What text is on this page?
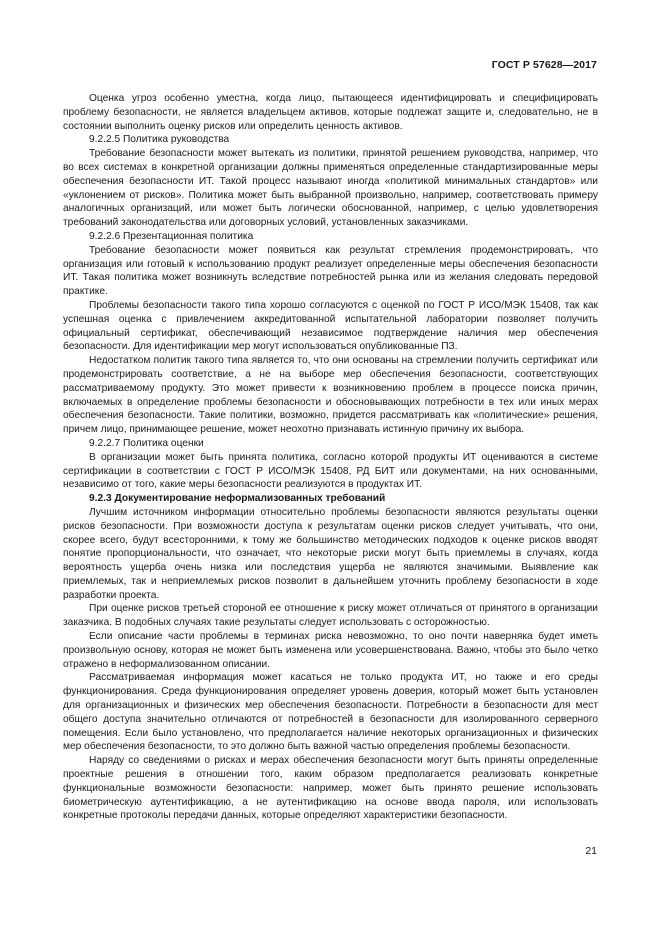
ГОСТ Р 57628—2017

Оценка угроз особенно уместна, когда лицо, пытающееся идентифицировать и специфицировать проблему безопасности, не является владельцем активов, которые подлежат защите и, следовательно, не в состоянии выполнить оценку рисков или определить ценность активов.

9.2.2.5 Политика руководства

Требование безопасности может вытекать из политики, принятой решением руководства, например, что во всех системах в конкретной организации должны применяться определенные стандартизированные меры обеспечения безопасности ИТ. Такой процесс называют иногда «политикой минимальных стандартов» или «уклонением от рисков». Политика может быть выбранной произвольно, например, соответствовать примеру аналогичных организаций, или может быть логически обоснованной, например, с целью удовлетворения требований законодательства или договорных условий, установленных заказчиками.

9.2.2.6 Презентационная политика

Требование безопасности может появиться как результат стремления продемонстрировать, что организация или готовый к использованию продукт реализует определенные меры обеспечения безопасности ИТ. Такая политика может возникнуть вследствие потребностей рынка или из желания следовать передовой практике.

Проблемы безопасности такого типа хорошо согласуются с оценкой по ГОСТ Р ИСО/МЭК 15408, так как успешная оценка с привлечением аккредитованной испытательной лаборатории позволяет получить официальный сертификат, обеспечивающий независимое подтверждение наличия мер обеспечения безопасности. Для идентификации мер могут использоваться опубликованные ПЗ.

Недостатком политик такого типа является то, что они основаны на стремлении получить сертификат или продемонстрировать соответствие, а не на выборе мер обеспечения безопасности, соответствующих рассматриваемому продукту. Это может привести к возникновению проблем в процессе поиска причин, включаемых в определение проблемы безопасности и обосновывающих потребности в тех или иных мерах обеспечения безопасности. Такие политики, возможно, придется рассматривать как «политические» решения, причем лицо, принимающее решение, может неохотно признавать истинную причину их выбора.

9.2.2.7 Политика оценки

В организации может быть принята политика, согласно которой продукты ИТ оцениваются в системе сертификации в соответствии с ГОСТ Р ИСО/МЭК 15408, РД БИТ или документами, на них основанными, независимо от того, какие меры безопасности реализуются в продуктах ИТ.

9.2.3 Документирование неформализованных требований

Лучшим источником информации относительно проблемы безопасности являются результаты оценки рисков безопасности. При возможности доступа к результатам оценки рисков следует учитывать, что они, скорее всего, будут всесторонними, к тому же большинство методических подходов к оценке рисков вводят понятие пропорциональности, что означает, что некоторые риски могут быть приемлемы в случаях, когда вероятность ущерба очень низка или последствия ущерба не являются значимыми. Выявление как приемлемых, так и неприемлемых рисков позволит в дальнейшем уточнить проблему безопасности в ходе разработки проекта.

При оценке рисков третьей стороной ее отношение к риску может отличаться от принятого в организации заказчика. В подобных случаях такие результаты следует использовать с осторожностью.

Если описание части проблемы в терминах риска невозможно, то оно почти наверняка будет иметь произвольную основу, которая не может быть изменена или усовершенствована. Важно, чтобы это было четко отражено в неформализованном описании.

Рассматриваемая информация может касаться не только продукта ИТ, но также и его среды функционирования. Среда функционирования определяет уровень доверия, который может быть установлен для организационных и физических мер обеспечения безопасности. Потребности в безопасности для мест общего доступа значительно отличаются от потребностей в безопасности для изолированного серверного помещения. Если было установлено, что предполагается наличие некоторых организационных и физических мер обеспечения безопасности, то это должно быть важной частью определения проблемы безопасности.

Наряду со сведениями о рисках и мерах обеспечения безопасности могут быть приняты определенные проектные решения в отношении того, каким образом предполагается реализовать конкретные функциональные возможности безопасности: например, может быть принято решение использовать биометрическую аутентификацию, а не аутентификацию на основе ввода пароля, или использовать конкретные протоколы передачи данных, которые определяют характеристики безопасности.

21
